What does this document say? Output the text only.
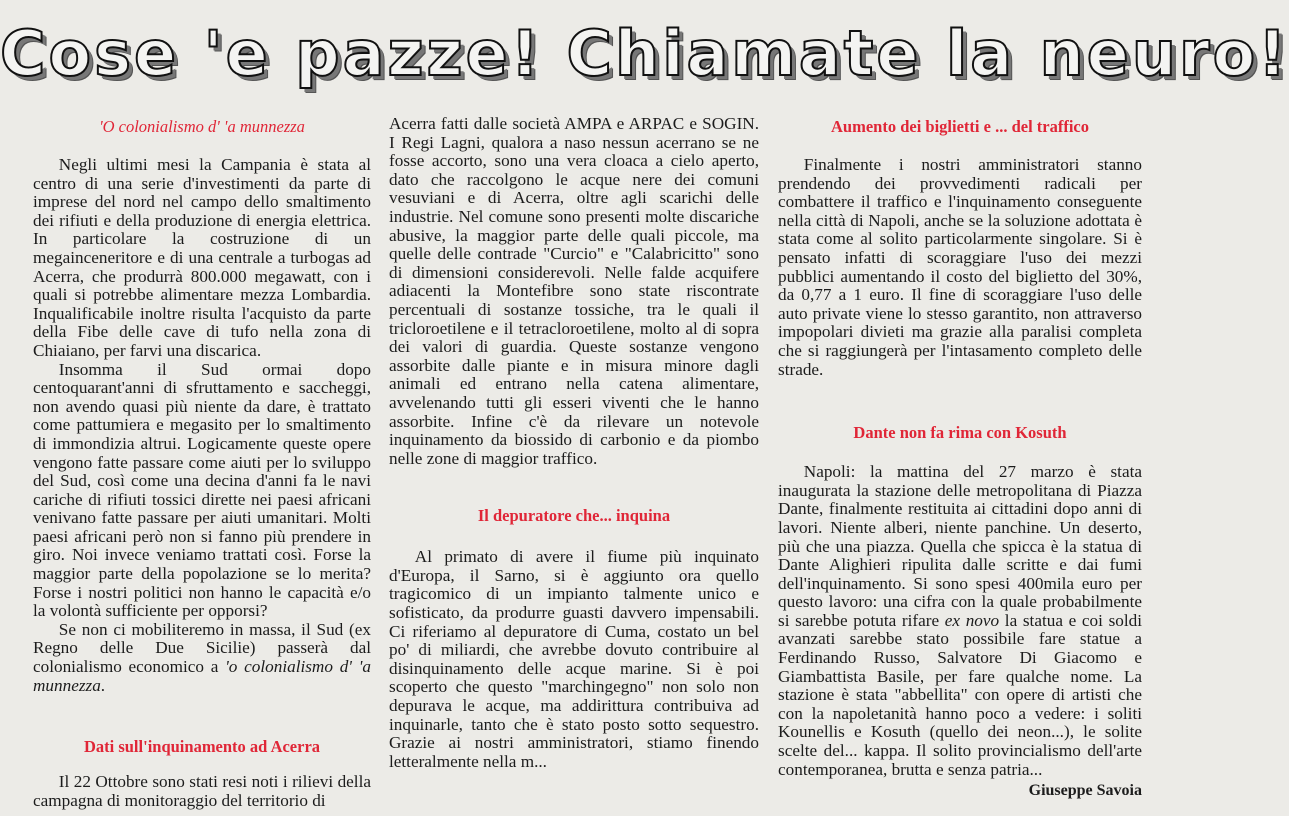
Cose 'e pazze! Chiamate la neuro!
'O colonialismo d' 'a munnezza

Negli ultimi mesi la Campania è stata al centro di una serie d'investimenti da parte di imprese del nord nel campo dello smaltimento dei rifiuti e della produzione di energia elettrica. In particolare la costruzione di un megainceneritore e di una centrale a turbogas ad Acerra, che produrrà 800.000 megawatt, con i quali si potrebbe alimentare mezza Lombardia. Inqualificabile inoltre risulta l'acquisto da parte della Fibe delle cave di tufo nella zona di Chiaiano, per farvi una discarica.

Insomma il Sud ormai dopo centoquarant'anni di sfruttamento e saccheggi, non avendo quasi più niente da dare, è trattato come pattumiera e megasito per lo smaltimento di immondizia altrui. Logicamente queste opere vengono fatte passare come aiuti per lo sviluppo del Sud, così come una decina d'anni fa le navi cariche di rifiuti tossici dirette nei paesi africani venivano fatte passare per aiuti umanitari. Molti paesi africani però non si fanno più prendere in giro. Noi invece veniamo trattati così. Forse la maggior parte della popolazione se lo merita? Forse i nostri politici non hanno le capacità e/o la volontà sufficiente per opporsi?

Se non ci mobiliteremo in massa, il Sud (ex Regno delle Due Sicilie) passerà dal colonialismo economico a 'o colonialismo d' 'a munnezza.

Dati sull'inquinamento ad Acerra

Il 22 Ottobre sono stati resi noti i rilievi della campagna di monitoraggio del territorio di

Acerra fatti dalle società AMPA e ARPAC e SOGIN. I Regi Lagni, qualora a naso nessun acerrano se ne fosse accorto, sono una vera cloaca a cielo aperto, dato che raccolgono le acque nere dei comuni vesuviani e di Acerra, oltre agli scarichi delle industrie. Nel comune sono presenti molte discariche abusive, la maggior parte delle quali piccole, ma quelle delle contrade "Curcio" e "Calabricitto" sono di dimensioni considerevoli. Nelle falde acquifere adiacenti la Montefibre sono state riscontrate percentuali di sostanze tossiche, tra le quali il tricloroetilene e il tetracloroetilene, molto al di sopra dei valori di guardia. Queste sostanze vengono assorbite dalle piante e in misura minore dagli animali ed entrano nella catena alimentare, avvelenando tutti gli esseri viventi che le hanno assorbite. Infine c'è da rilevare un notevole inquinamento da biossido di carbonio e da piombo nelle zone di maggior traffico.

Il depuratore che... inquina

Al primato di avere il fiume più inquinato d'Europa, il Sarno, si è aggiunto ora quello tragicomico di un impianto talmente unico e sofisticato, da produrre guasti davvero impensabili. Ci riferiamo al depuratore di Cuma, costato un bel po' di miliardi, che avrebbe dovuto contribuire al disinquinamento delle acque marine. Si è poi scoperto che questo "marchingegno" non solo non depurava le acque, ma addirittura contribuiva ad inquinarle, tanto che è stato posto sotto sequestro. Grazie ai nostri amministratori, stiamo finendo letteralmente nella m...

Aumento dei biglietti e ... del traffico

Finalmente i nostri amministratori stanno prendendo dei provvedimenti radicali per combattere il traffico e l'inquinamento conseguente nella città di Napoli, anche se la soluzione adottata è stata come al solito particolarmente singolare. Si è pensato infatti di scoraggiare l'uso dei mezzi pubblici aumentando il costo del biglietto del 30%, da 0,77 a 1 euro. Il fine di scoraggiare l'uso delle auto private viene lo stesso garantito, non attraverso impopolari divieti ma grazie alla paralisi completa che si raggiungerà per l'intasamento completo delle strade.

Dante non fa rima con Kosuth

Napoli: la mattina del 27 marzo è stata inaugurata la stazione delle metropolitana di Piazza Dante, finalmente restituita ai cittadini dopo anni di lavori. Niente alberi, niente panchine. Un deserto, più che una piazza. Quella che spicca è la statua di Dante Alighieri ripulita dalle scritte e dai fumi dell'inquinamento. Si sono spesi 400mila euro per questo lavoro: una cifra con la quale probabilmente si sarebbe potuta rifare ex novo la statua e coi soldi avanzati sarebbe stato possibile fare statue a Ferdinando Russo, Salvatore Di Giacomo e Giambattista Basile, per fare qualche nome. La stazione è stata "abbellita" con opere di artisti che con la napoletanità hanno poco a vedere: i soliti Kounellis e Kosuth (quello dei neon...), le solite scelte del... kappa. Il solito provincialismo dell'arte contemporanea, brutta e senza patria...

Giuseppe Savoia
